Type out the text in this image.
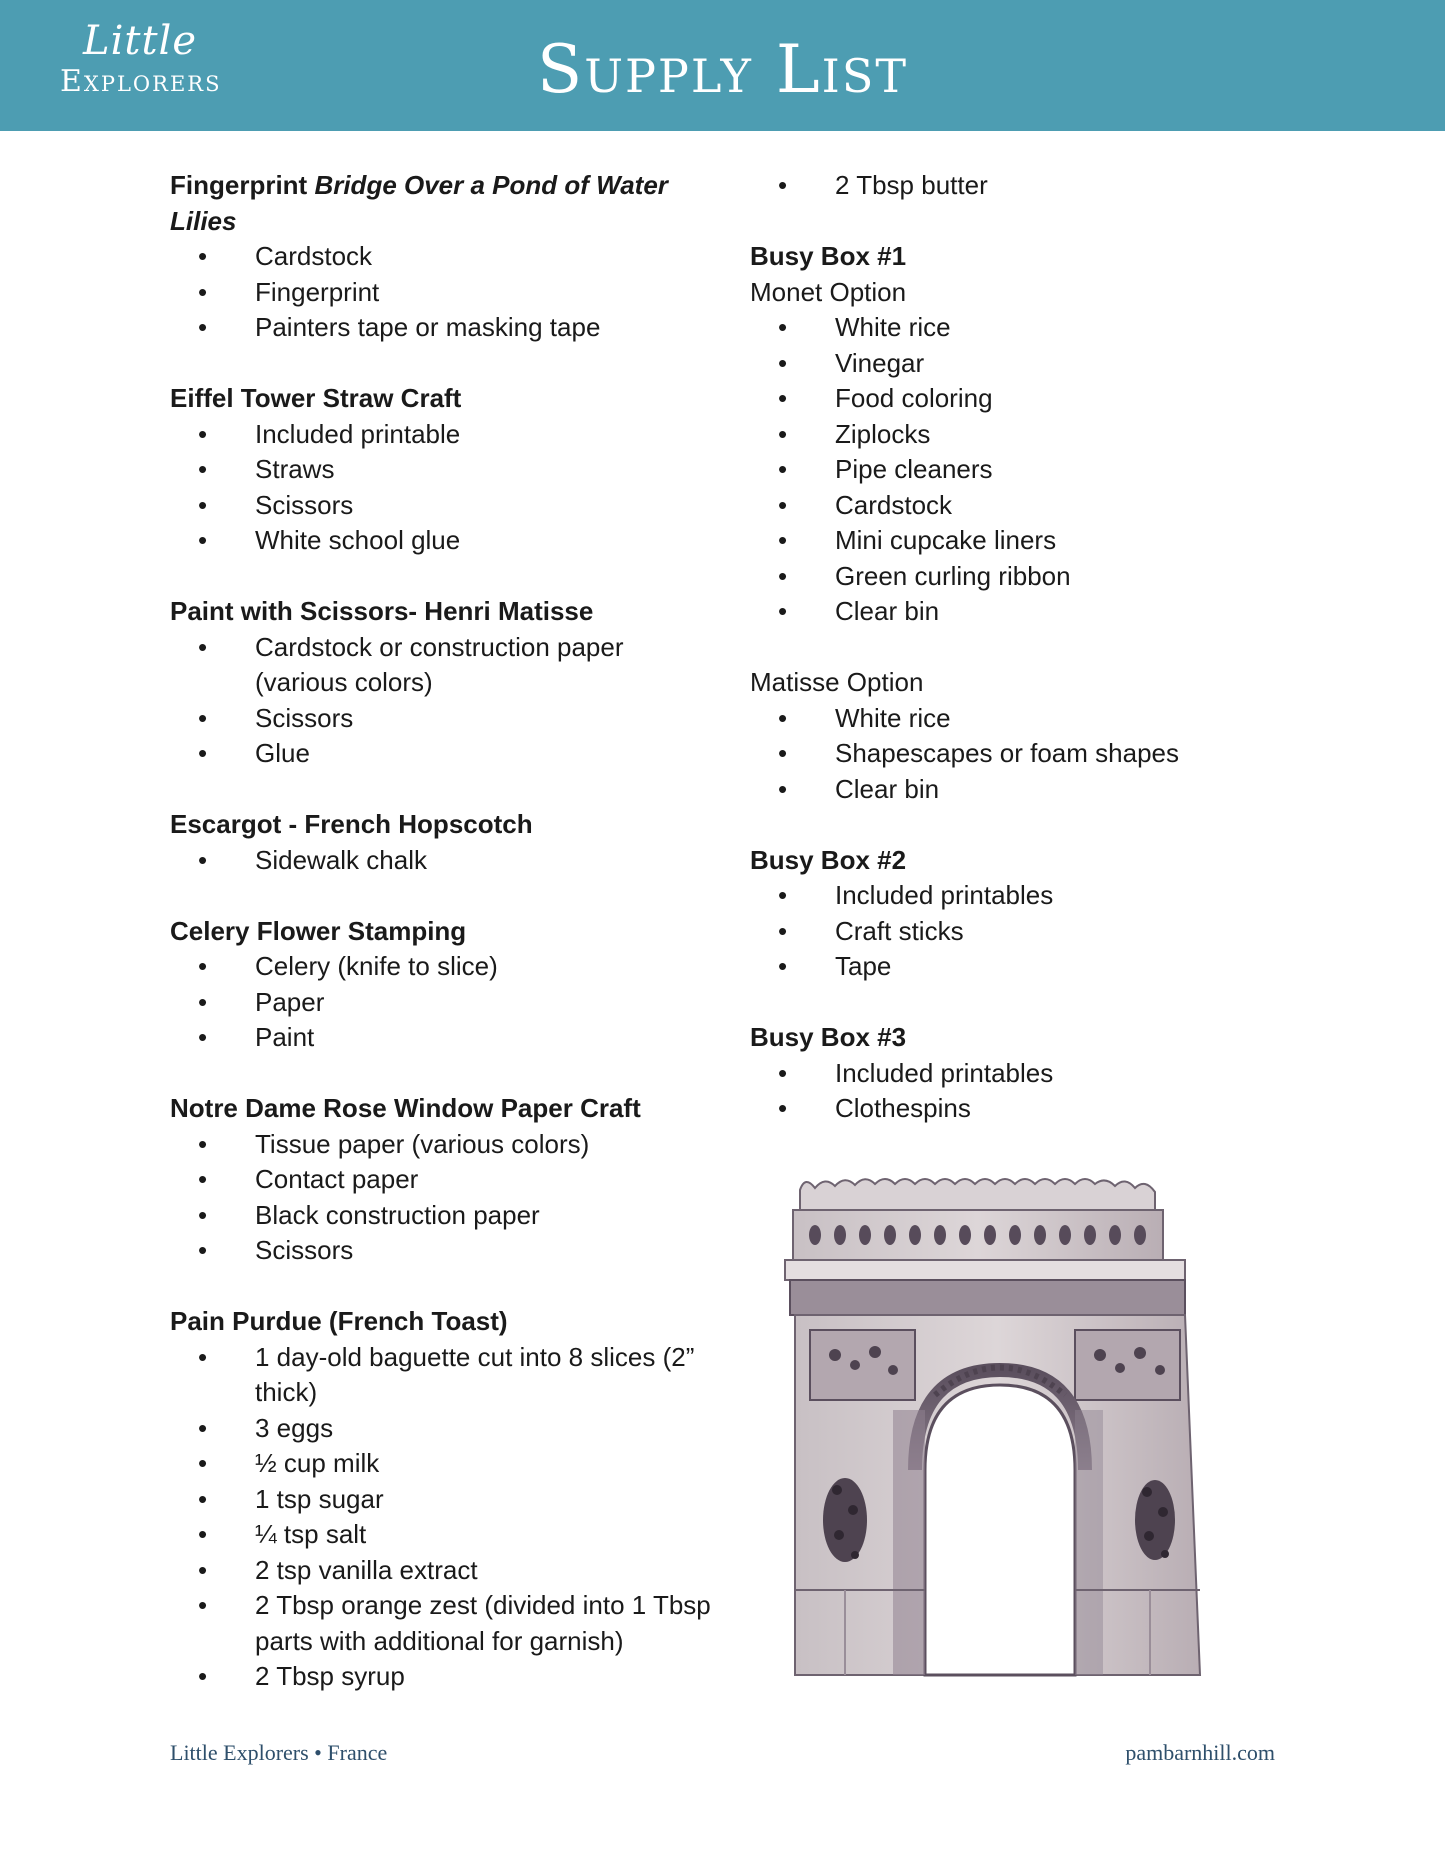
Little
Explorers	Supply List

Fingerprint Bridge Over a Pond of Water Lilies

• Cardstock
• Fingerprint
• Painters tape or masking tape

Eiffel Tower Straw Craft

• Included printable
• Straws
• Scissors
• White school glue

Paint with Scissors- Henri Matisse

• Cardstock or construction paper (various colors)
• Scissors
• Glue

Escargot - French Hopscotch

• Sidewalk chalk

Celery Flower Stamping

• Celery (knife to slice)
• Paper
• Paint

Notre Dame Rose Window Paper Craft

• Tissue paper (various colors)
• Contact paper
• Black construction paper
• Scissors

Pain Purdue (French Toast)

• 1 day-old baguette cut into 8 slices (2” thick)
• 3 eggs
• ½ cup milk
• 1 tsp sugar
• ¼ tsp salt
• 2 tsp vanilla extract
• 2 Tbsp orange zest (divided into 1 Tbsp parts with additional for garnish)
• 2 Tbsp syrup
• 2 Tbsp butter

Busy Box #1

Monet Option

• White rice
• Vinegar
• Food coloring
• Ziplocks
• Pipe cleaners
• Cardstock
• Mini cupcake liners
• Green curling ribbon
• Clear bin

Matisse Option

• White rice
• Shapescapes or foam shapes
• Clear bin

Busy Box #2

• Included printables
• Craft sticks
• Tape

Busy Box #3

• Included printables
• Clothespins
Little Explorers • France	pambarnhill.com
